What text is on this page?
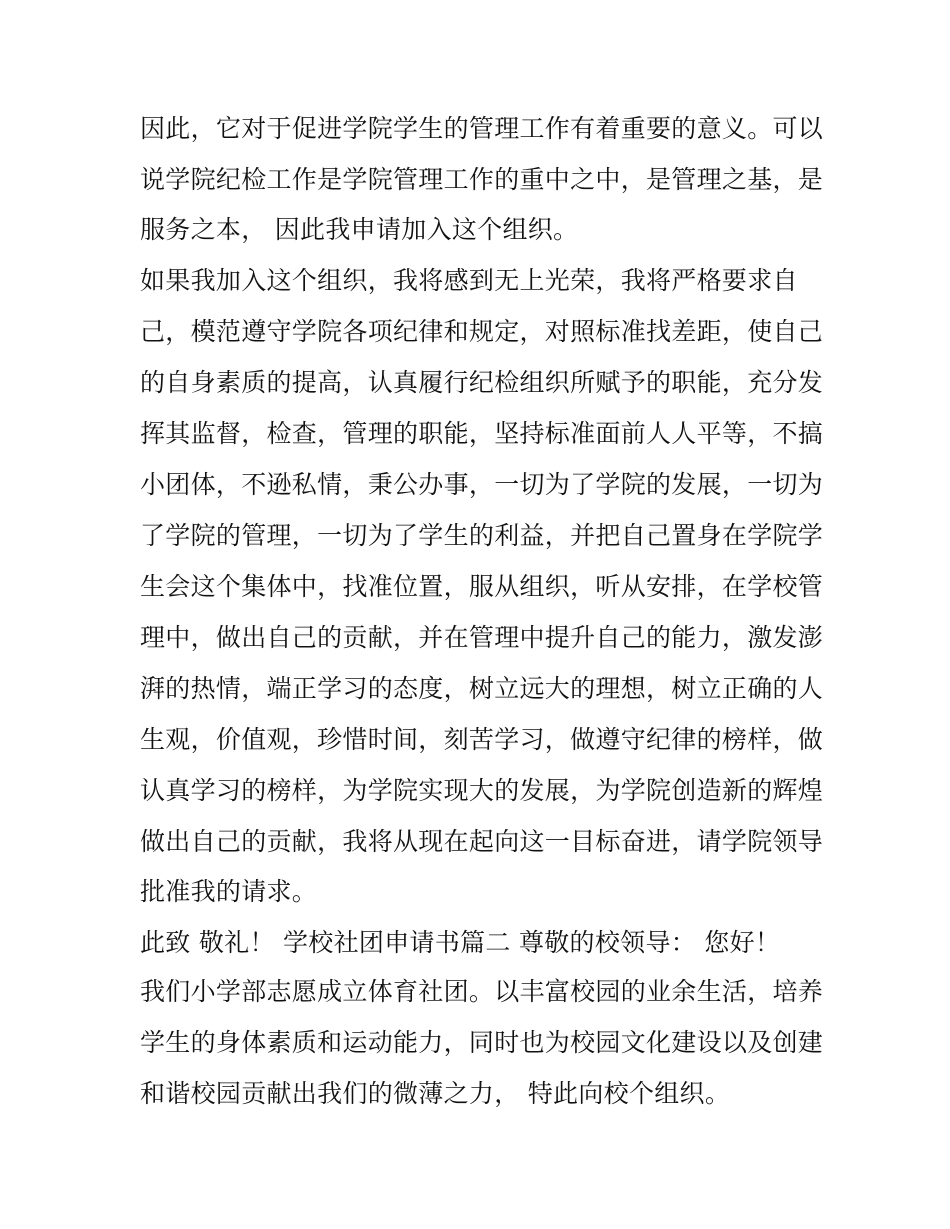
因此，它对于促进学院学生的管理工作有着重要的意义。可以
说学院纪检工作是学院管理工作的重中之中，是管理之基，是
服务之本， 因此我申请加入这个组织。
如果我加入这个组织，我将感到无上光荣，我将严格要求自
己，模范遵守学院各项纪律和规定，对照标准找差距，使自己
的自身素质的提高，认真履行纪检组织所赋予的职能，充分发
挥其监督，检查，管理的职能，坚持标准面前人人平等，不搞
小团体，不逊私情，秉公办事，一切为了学院的发展，一切为
了学院的管理，一切为了学生的利益，并把自己置身在学院学
生会这个集体中，找准位置，服从组织，听从安排，在学校管
理中，做出自己的贡献，并在管理中提升自己的能力，激发澎
湃的热情，端正学习的态度，树立远大的理想，树立正确的人
生观，价值观，珍惜时间，刻苦学习，做遵守纪律的榜样，做
认真学习的榜样，为学院实现大的发展，为学院创造新的辉煌
做出自己的贡献，我将从现在起向这一目标奋进，请学院领导
批准我的请求。
此致 敬礼！ 学校社团申请书篇二 尊敬的校领导： 您好！
我们小学部志愿成立体育社团。以丰富校园的业余生活，培养
学生的身体素质和运动能力，同时也为校园文化建设以及创建
和谐校园贡献出我们的微薄之力， 特此向校个组织。
